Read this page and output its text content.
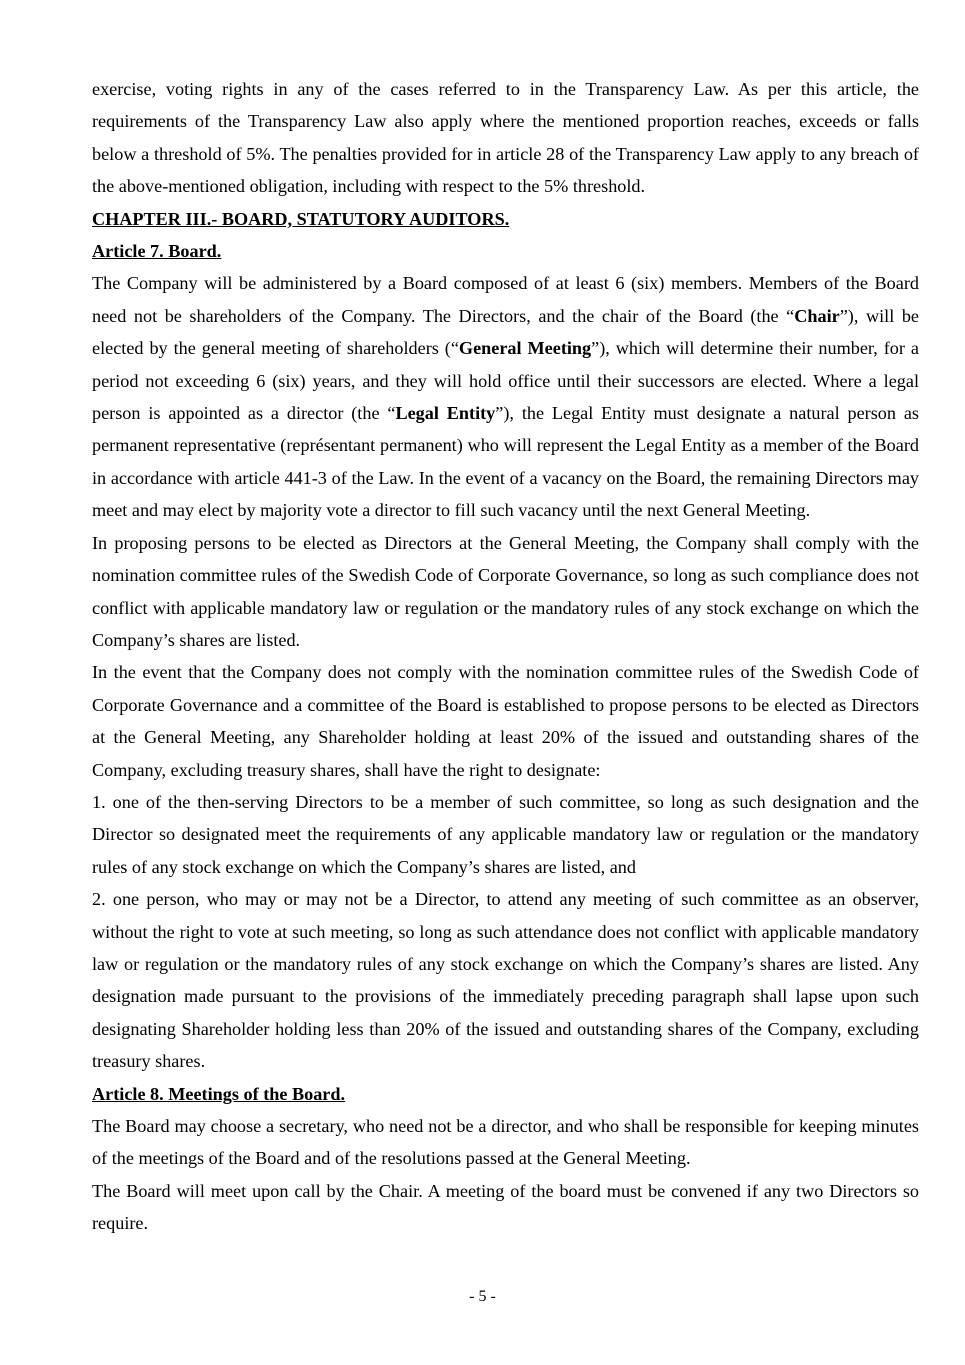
exercise, voting rights in any of the cases referred to in the Transparency Law. As per this article, the requirements of the Transparency Law also apply where the mentioned proportion reaches, exceeds or falls below a threshold of 5%. The penalties provided for in article 28 of the Transparency Law apply to any breach of the above-mentioned obligation, including with respect to the 5% threshold.

CHAPTER III.- BOARD, STATUTORY AUDITORS.

Article 7. Board.

The Company will be administered by a Board composed of at least 6 (six) members. Members of the Board need not be shareholders of the Company. The Directors, and the chair of the Board (the “Chair”), will be elected by the general meeting of shareholders (“General Meeting”), which will determine their number, for a period not exceeding 6 (six) years, and they will hold office until their successors are elected. Where a legal person is appointed as a director (the “Legal Entity”), the Legal Entity must designate a natural person as permanent representative (représentant permanent) who will represent the Legal Entity as a member of the Board in accordance with article 441-3 of the Law. In the event of a vacancy on the Board, the remaining Directors may meet and may elect by majority vote a director to fill such vacancy until the next General Meeting.

In proposing persons to be elected as Directors at the General Meeting, the Company shall comply with the nomination committee rules of the Swedish Code of Corporate Governance, so long as such compliance does not conflict with applicable mandatory law or regulation or the mandatory rules of any stock exchange on which the Company’s shares are listed.

In the event that the Company does not comply with the nomination committee rules of the Swedish Code of Corporate Governance and a committee of the Board is established to propose persons to be elected as Directors at the General Meeting, any Shareholder holding at least 20% of the issued and outstanding shares of the Company, excluding treasury shares, shall have the right to designate:

1. one of the then-serving Directors to be a member of such committee, so long as such designation and the Director so designated meet the requirements of any applicable mandatory law or regulation or the mandatory rules of any stock exchange on which the Company’s shares are listed, and

2. one person, who may or may not be a Director, to attend any meeting of such committee as an observer, without the right to vote at such meeting, so long as such attendance does not conflict with applicable mandatory law or regulation or the mandatory rules of any stock exchange on which the Company’s shares are listed. Any designation made pursuant to the provisions of the immediately preceding paragraph shall lapse upon such designating Shareholder holding less than 20% of the issued and outstanding shares of the Company, excluding treasury shares.

Article 8. Meetings of the Board.

The Board may choose a secretary, who need not be a director, and who shall be responsible for keeping minutes of the meetings of the Board and of the resolutions passed at the General Meeting.

The Board will meet upon call by the Chair. A meeting of the board must be convened if any two Directors so require.

- 5 -
